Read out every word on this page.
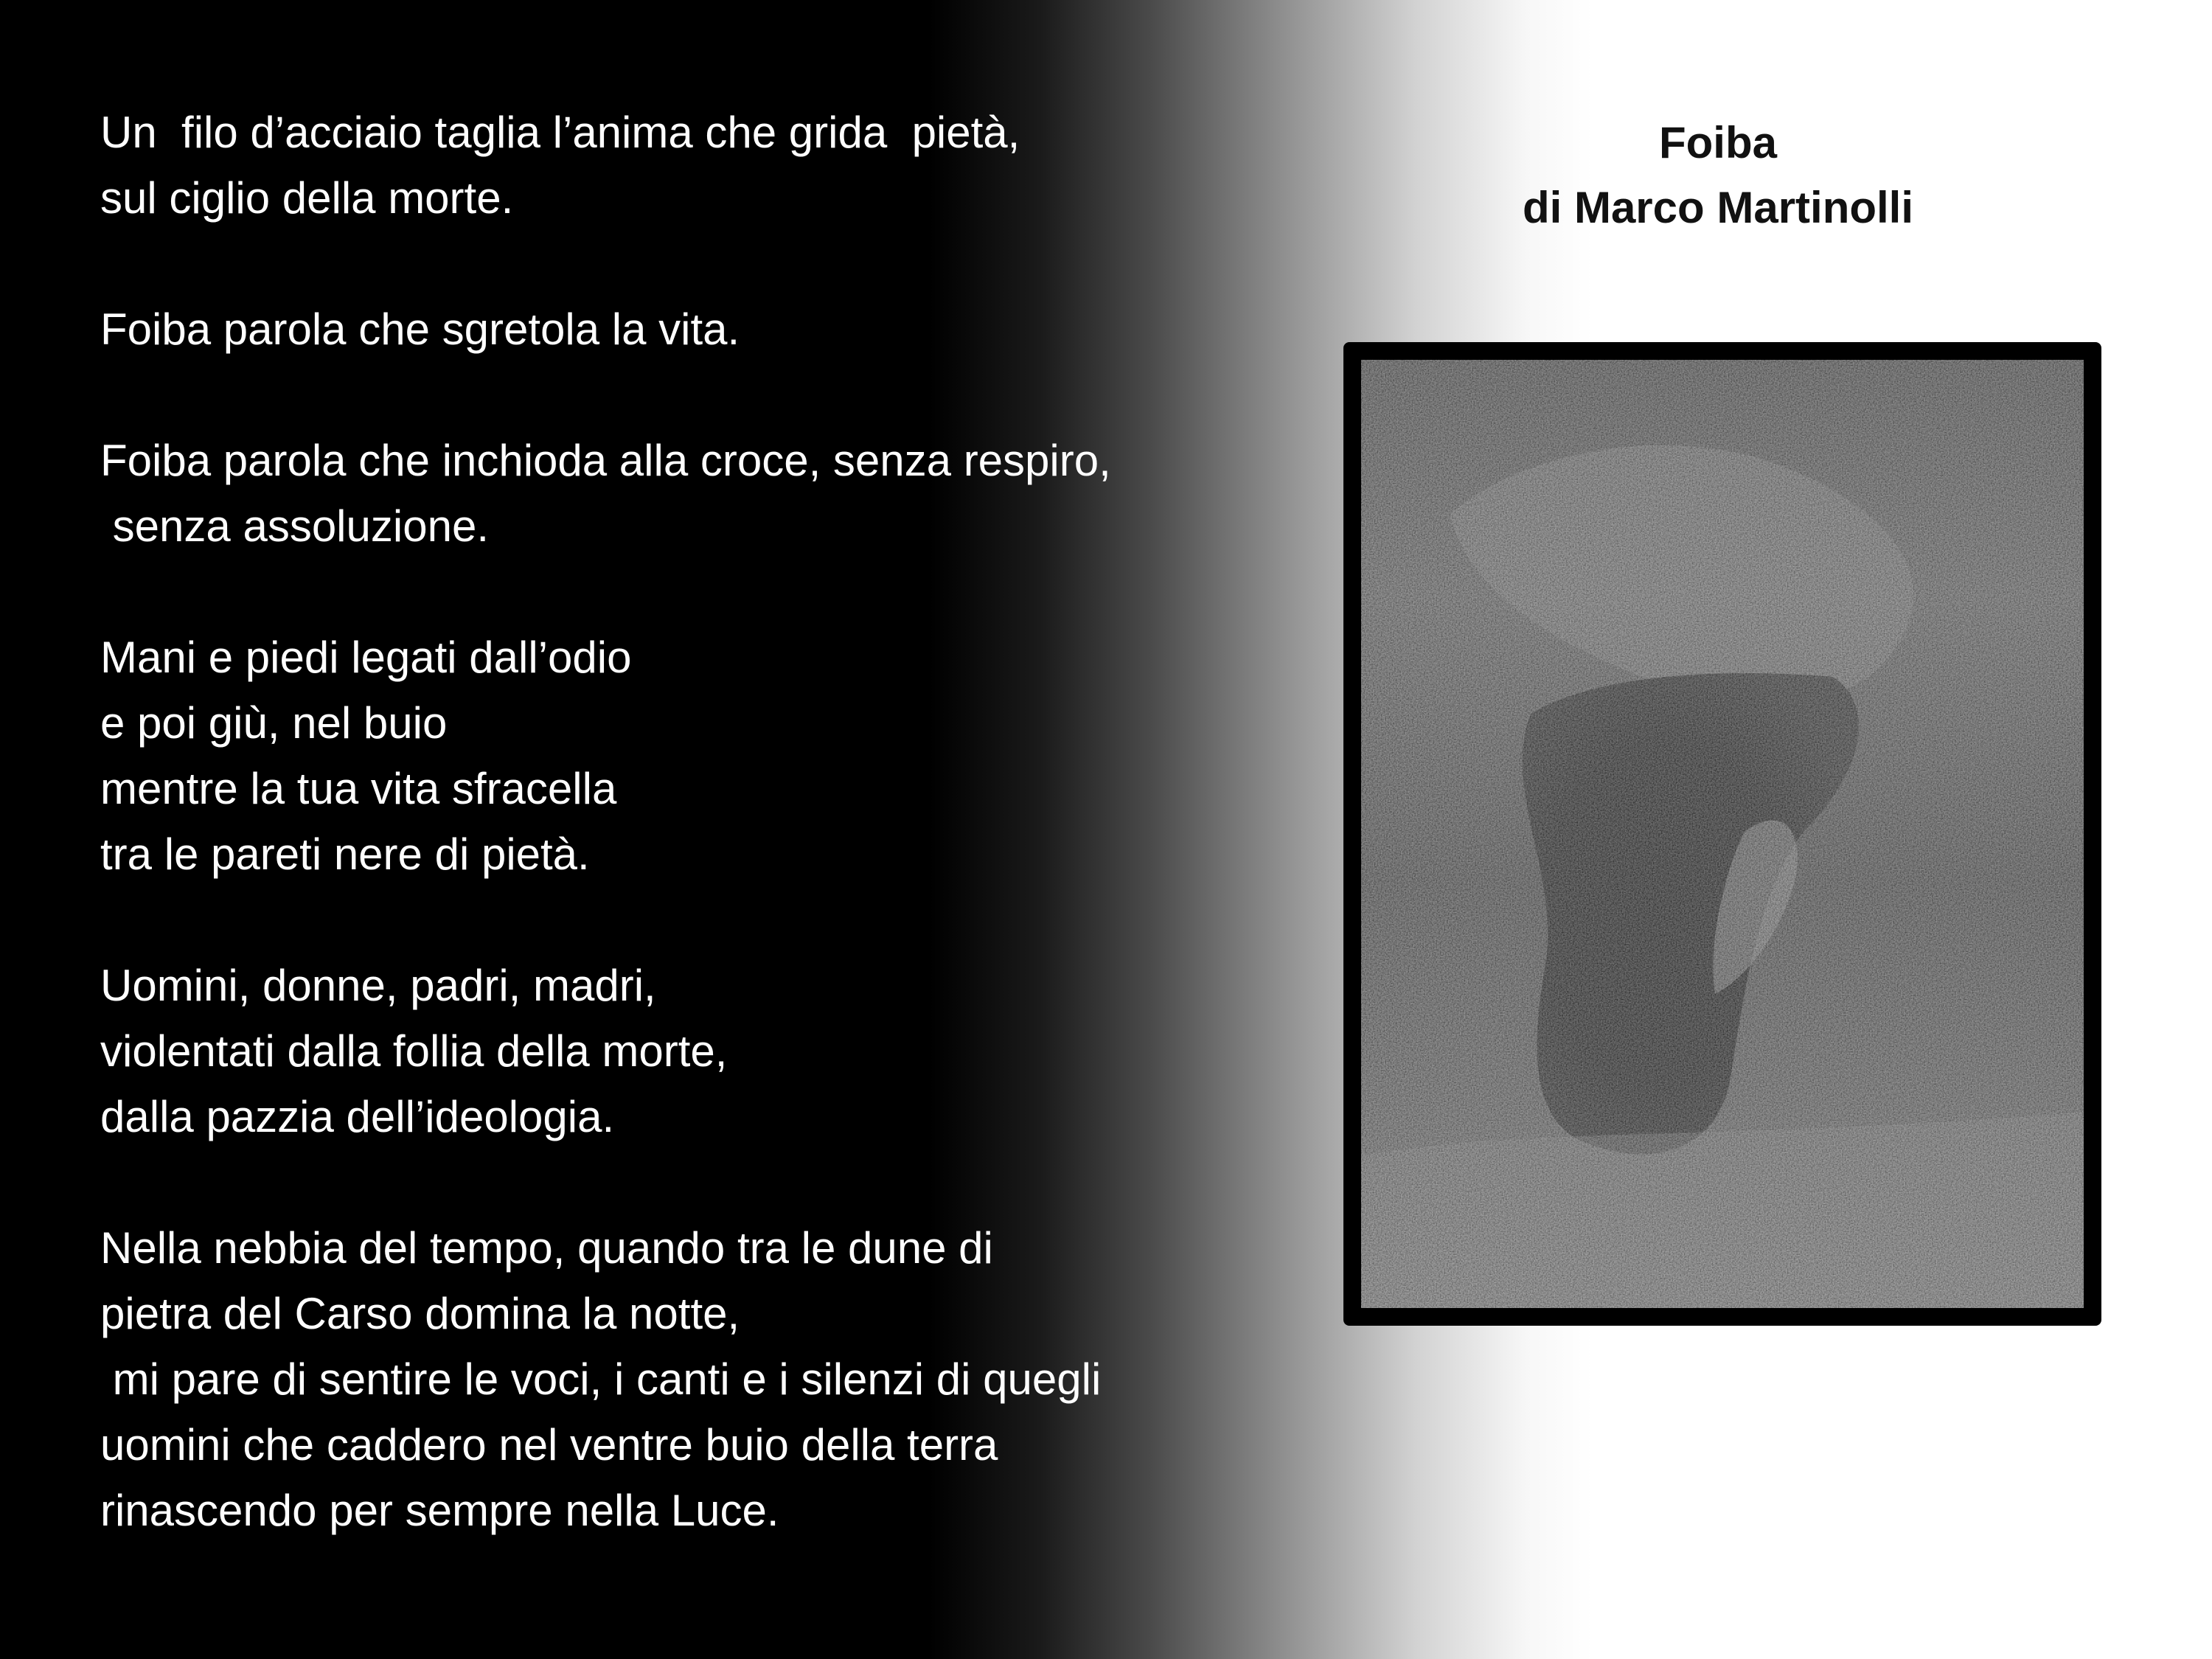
Un  filo d’acciaio taglia l’anima che grida  pietà,
sul ciglio della morte.
Foiba parola che sgretola la vita.
Foiba parola che inchioda alla croce, senza respiro,
senza assoluzione.
Mani e piedi legati dall’odio
e poi giù, nel buio
mentre la tua vita sfracella
tra le pareti nere di pietà.
Uomini, donne, padri, madri,
violentati dalla follia della morte,
dalla pazzia dell’ideologia.
Nella nebbia del tempo, quando tra le dune di
pietra del Carso domina la notte,
mi pare di sentire le voci, i canti e i silenzi di quegli
uomini che caddero nel ventre buio della terra
rinascendo per sempre nella Luce.
Foiba
di Marco Martinolli
